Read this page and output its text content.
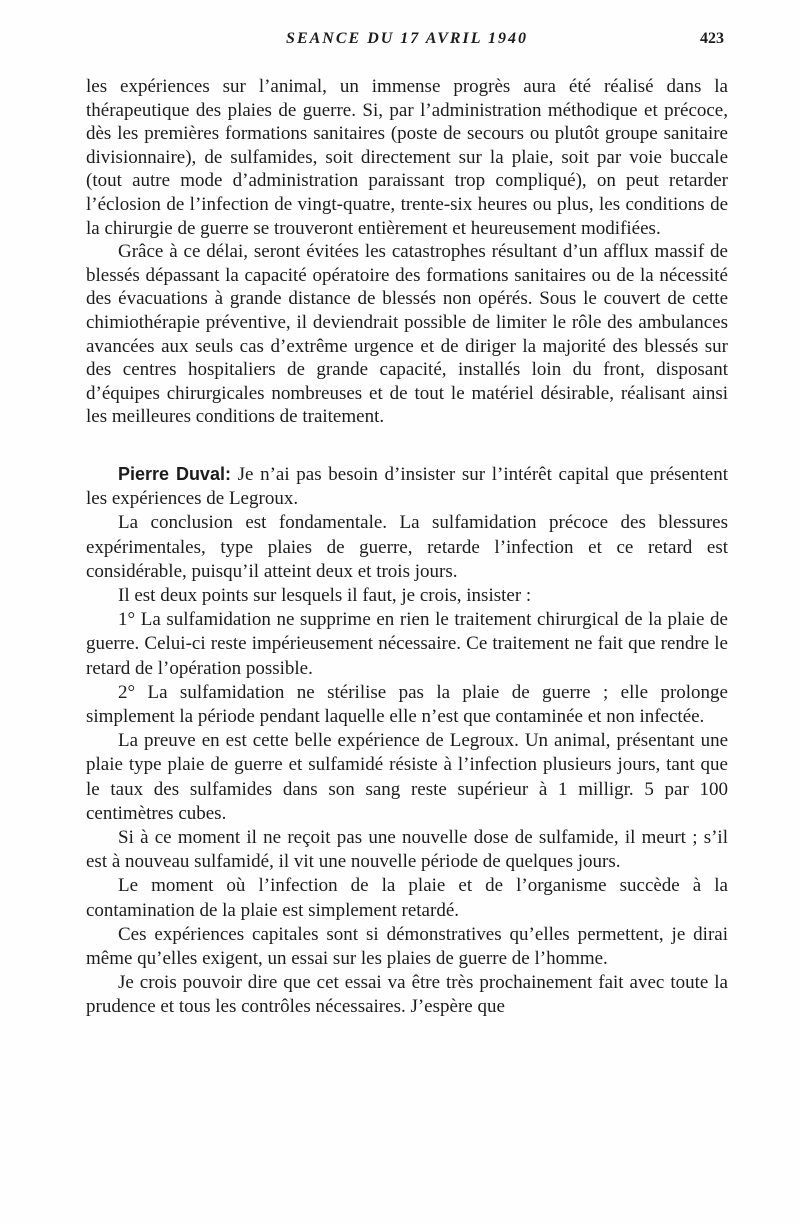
SEANCE DU 17 AVRIL 1940	423

les expériences sur l’animal, un immense progrès aura été réalisé dans la thérapeutique des plaies de guerre. Si, par l’administration méthodique et précoce, dès les premières formations sanitaires (poste de secours ou plutôt groupe sanitaire divisionnaire), de sulfamides, soit directement sur la plaie, soit par voie buccale (tout autre mode d’administration paraissant trop compliqué), on peut retarder l’éclosion de l’infection de vingt-quatre, trente-six heures ou plus, les conditions de la chirurgie de guerre se trouveront entièrement et heureusement modifiées.

Grâce à ce délai, seront évitées les catastrophes résultant d’un afflux massif de blessés dépassant la capacité opératoire des formations sanitaires ou de la nécessité des évacuations à grande distance de blessés non opérés. Sous le couvert de cette chimiothérapie préventive, il deviendrait possible de limiter le rôle des ambulances avancées aux seuls cas d’extrême urgence et de diriger la majorité des blessés sur des centres hospitaliers de grande capacité, installés loin du front, disposant d’équipes chirurgicales nombreuses et de tout le matériel désirable, réalisant ainsi les meilleures conditions de traitement.

Pierre Duval: Je n’ai pas besoin d’insister sur l’intérêt capital que présentent les expériences de Legroux.

La conclusion est fondamentale. La sulfamidation précoce des blessures expérimentales, type plaies de guerre, retarde l’infection et ce retard est considérable, puisqu’il atteint deux et trois jours.

Il est deux points sur lesquels il faut, je crois, insister :

1° La sulfamidation ne supprime en rien le traitement chirurgical de la plaie de guerre. Celui-ci reste impérieusement nécessaire. Ce traitement ne fait que rendre le retard de l’opération possible.

2° La sulfamidation ne stérilise pas la plaie de guerre ; elle prolonge simplement la période pendant laquelle elle n’est que contaminée et non infectée.

La preuve en est cette belle expérience de Legroux. Un animal, présentant une plaie type plaie de guerre et sulfamidé résiste à l’infection plusieurs jours, tant que le taux des sulfamides dans son sang reste supérieur à 1 milligr. 5 par 100 centimètres cubes.

Si à ce moment il ne reçoit pas une nouvelle dose de sulfamide, il meurt ; s’il est à nouveau sulfamidé, il vit une nouvelle période de quelques jours.

Le moment où l’infection de la plaie et de l’organisme succède à la contamination de la plaie est simplement retardé.

Ces expériences capitales sont si démonstratives qu’elles permettent, je dirai même qu’elles exigent, un essai sur les plaies de guerre de l’homme.

Je crois pouvoir dire que cet essai va être très prochainement fait avec toute la prudence et tous les contrôles nécessaires. J’espère que
